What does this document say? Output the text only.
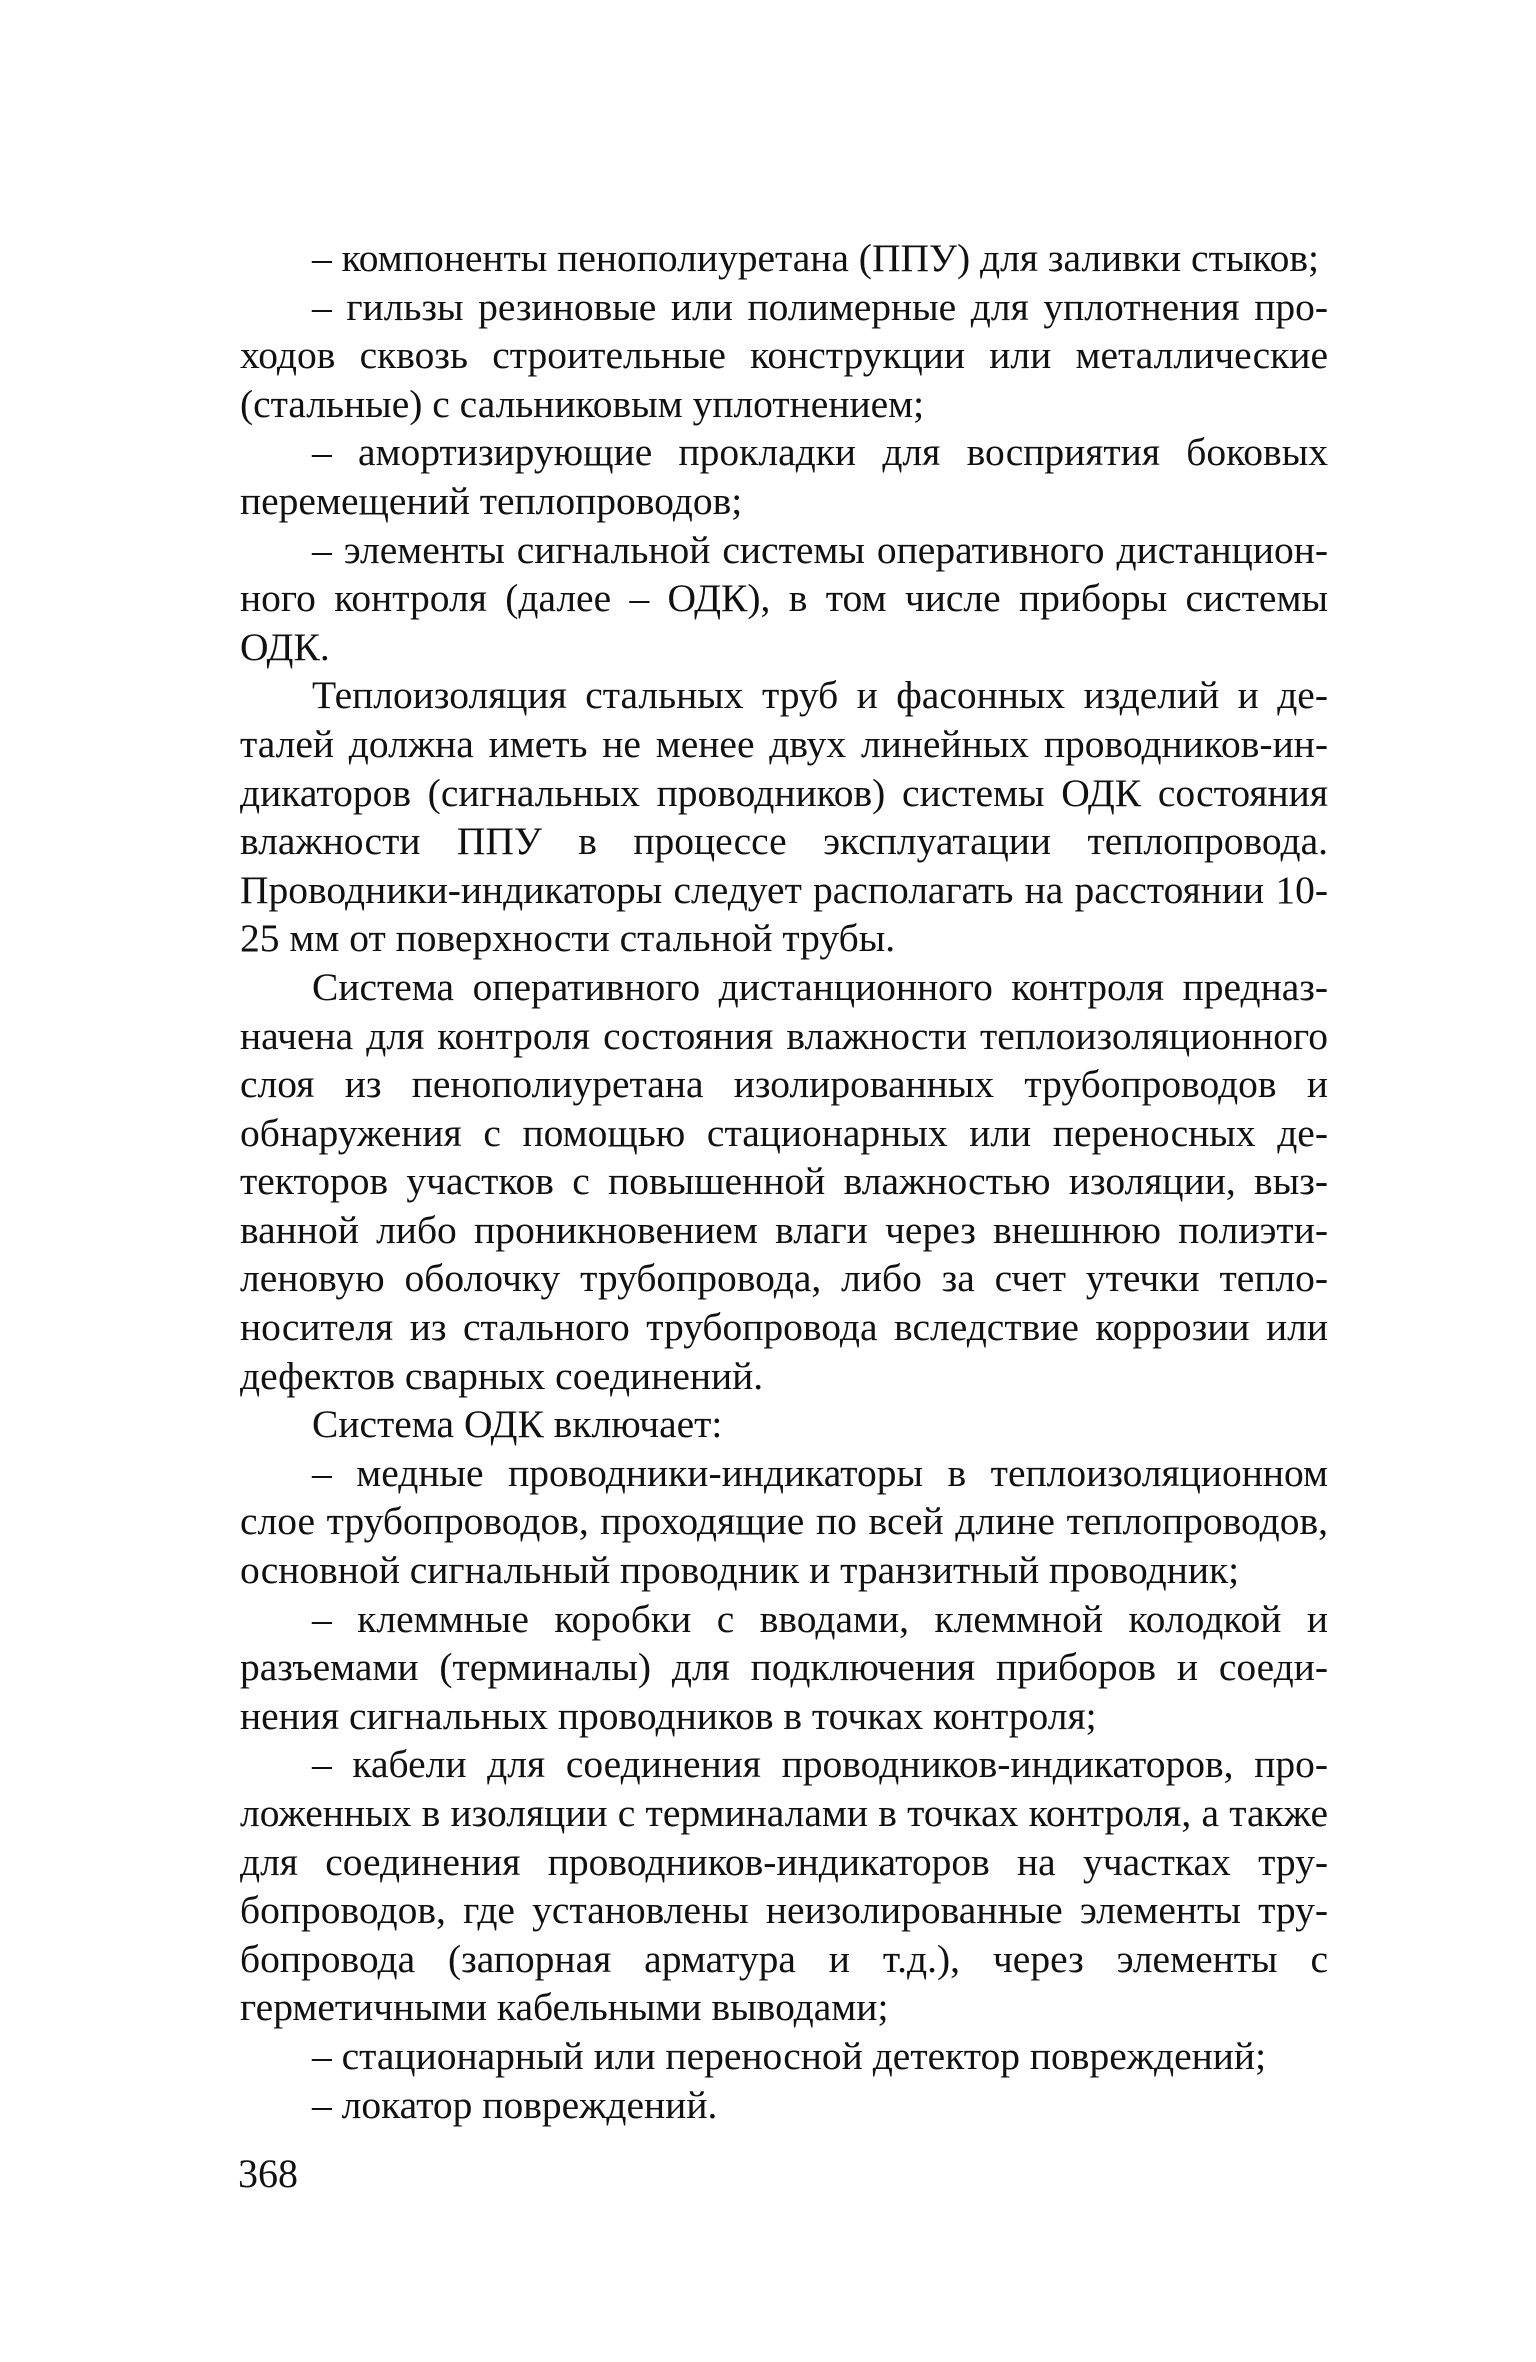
– компоненты пенополиуретана (ППУ) для заливки стыков;

– гильзы резиновые или полимерные для уплотнения проходов сквозь строительные конструкции или металлические (стальные) с сальниковым уплотнением;

– амортизирующие прокладки для восприятия боковых перемещений теплопроводов;

– элементы сигнальной системы оперативного дистанционного контроля (далее – ОДК), в том числе приборы системы ОДК.

Теплоизоляция стальных труб и фасонных изделий и деталей должна иметь не менее двух линейных проводников-индикаторов (сигнальных проводников) системы ОДК состояния влажности ППУ в процессе эксплуатации теплопровода. Проводники-индикаторы следует располагать на расстоянии 10-25 мм от поверхности стальной трубы.

Система оперативного дистанционного контроля предназначена для контроля состояния влажности теплоизоляционного слоя из пенополиуретана изолированных трубопроводов и обнаружения с помощью стационарных или переносных детекторов участков с повышенной влажностью изоляции, вызванной либо проникновением влаги через внешнюю полиэтиленовую оболочку трубопровода, либо за счет утечки теплоносителя из стального трубопровода вследствие коррозии или дефектов сварных соединений.

Система ОДК включает:

– медные проводники-индикаторы в теплоизоляционном слое трубопроводов, проходящие по всей длине теплопроводов, основной сигнальный проводник и транзитный проводник;

– клеммные коробки с вводами, клеммной колодкой и разъемами (терминалы) для подключения приборов и соединения сигнальных проводников в точках контроля;

– кабели для соединения проводников-индикаторов, проложенных в изоляции с терминалами в точках контроля, а также для соединения проводников-индикаторов на участках трубопроводов, где установлены неизолированные элементы трубопровода (запорная арматура и т.д.), через элементы с герметичными кабельными выводами;

– стационарный или переносной детектор повреждений;

– локатор повреждений.

368
